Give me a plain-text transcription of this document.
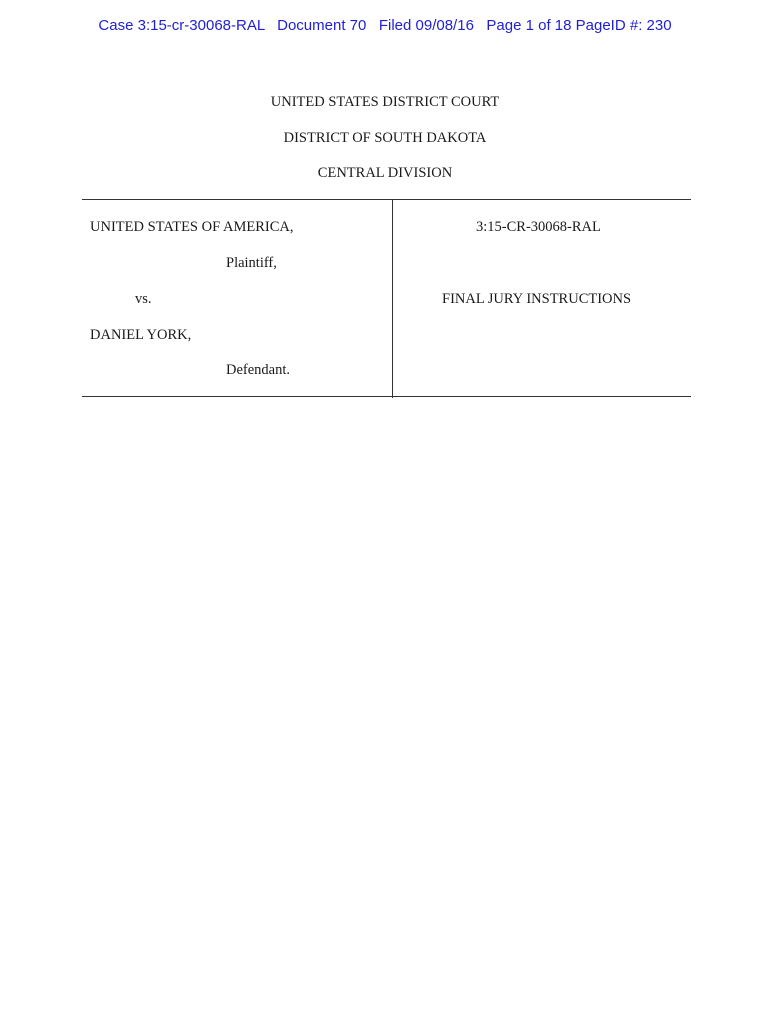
Case 3:15-cr-30068-RAL   Document 70   Filed 09/08/16   Page 1 of 18 PageID #: 230
UNITED STATES DISTRICT COURT
DISTRICT OF SOUTH DAKOTA
CENTRAL DIVISION
UNITED STATES OF AMERICA,
Plaintiff,
vs.
DANIEL YORK,
Defendant.
3:15-CR-30068-RAL
FINAL JURY INSTRUCTIONS
